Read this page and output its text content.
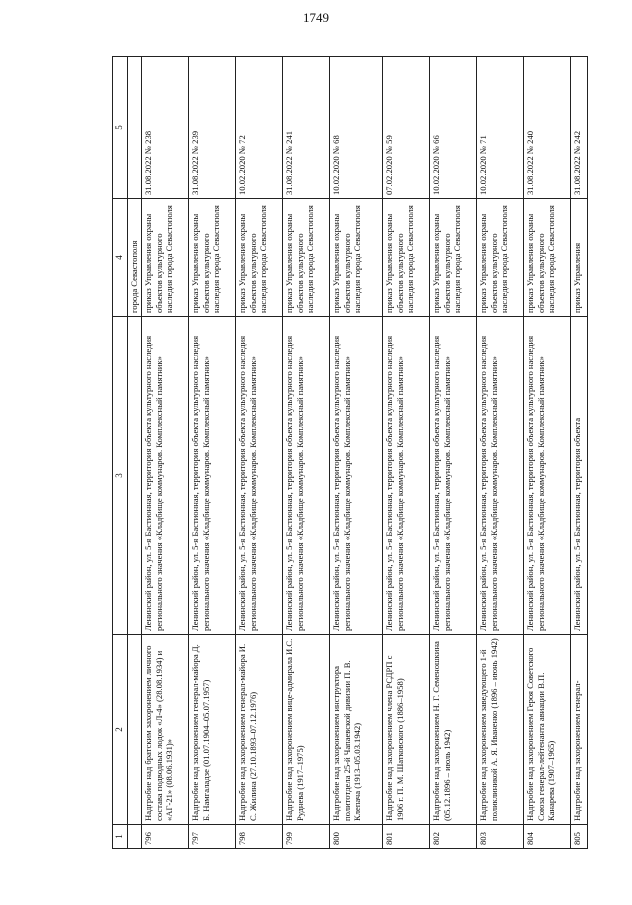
1749
1	2	3	4	5
			города Севастополя	
796	Надгробие над братским захоронением личного состава подводных лодок «Л-4» (28.08.1934) и «АГ-21» (08.06.1931)»	Ленинский район, ул. 5-я Бастионная, территория объекта культурного наследия регионального значения «Кладбище коммунаров. Комплексный памятник»	приказ Управления охраны объектов культурного наследия города Севастополя	31.08.2022 № 238
797	Надгробие над захоронением генерал-майора Д. Б. Намгаладзе (01.07.1904–05.07.1957)	Ленинский район, ул. 5-я Бастионная, территория объекта культурного наследия регионального значения «Кладбище коммунаров. Комплексный памятник»	приказ Управления охраны объектов культурного наследия города Севастополя	31.08.2022 № 239
798	Надгробие над захоронением генерал-майора И. С. Жилина (27.10.1893–07.12.1976)	Ленинский район, ул. 5-я Бастионная, территория объекта культурного наследия регионального значения «Кладбище коммунаров. Комплексный памятник»	приказ Управления охраны объектов культурного наследия города Севастополя	10.02.2020 № 72
799	Надгробие над захоронением вице-адмирала И.С. Руднева (1917–1975)	Ленинский район, ул. 5-я Бастионная, территория объекта культурного наследия регионального значения «Кладбище коммунаров. Комплексный памятник»	приказ Управления охраны объектов культурного наследия города Севастополя	31.08.2022 № 241
800	Надгробие над захоронением инструктора политотдела 25-й Чапаевской дивизии П. В. Клепача (1913–05.03.1942)	Ленинский район, ул. 5-я Бастионная, территория объекта культурного наследия регионального значения «Кладбище коммунаров. Комплексный памятник»	приказ Управления охраны объектов культурного наследия города Севастополя	10.02.2020 № 68
801	Надгробие над захоронением члена РСДРП с 1906 г. П. М. Шатковского (1886–1958)	Ленинский район, ул. 5-я Бастионная, территория объекта культурного наследия регионального значения «Кладбище коммунаров. Комплексный памятник»	приказ Управления охраны объектов культурного наследия города Севастополя	07.02.2020 № 59
802	Надгробие над захоронением Н. Г. Семеношкина (05.12.1896 – июль 1942)	Ленинский район, ул. 5-я Бастионная, территория объекта культурного наследия регионального значения «Кладбище коммунаров. Комплексный памятник»	приказ Управления охраны объектов культурного наследия города Севастополя	10.02.2020 № 66
803	Надгробие над захоронением заведующего 1-й поликлиникой А. Я. Иваненко (1896 – июнь 1942)	Ленинский район, ул. 5-я Бастионная, территория объекта культурного наследия регионального значения «Кладбище коммунаров. Комплексный памятник»	приказ Управления охраны объектов культурного наследия города Севастополя	10.02.2020 № 71
804	Надгробие над захоронением Героя Советского Союза генерал-лейтенанта авиации В.П. Канарева (1907–1965)	Ленинский район, ул. 5-я Бастионная, территория объекта культурного наследия регионального значения «Кладбище коммунаров. Комплексный памятник»	приказ Управления охраны объектов культурного наследия города Севастополя	31.08.2022 № 240
805	Надгробие над захоронением генерал-	Ленинский район, ул. 5-я Бастионная, территория объекта	приказ Управления	31.08.2022 № 242
